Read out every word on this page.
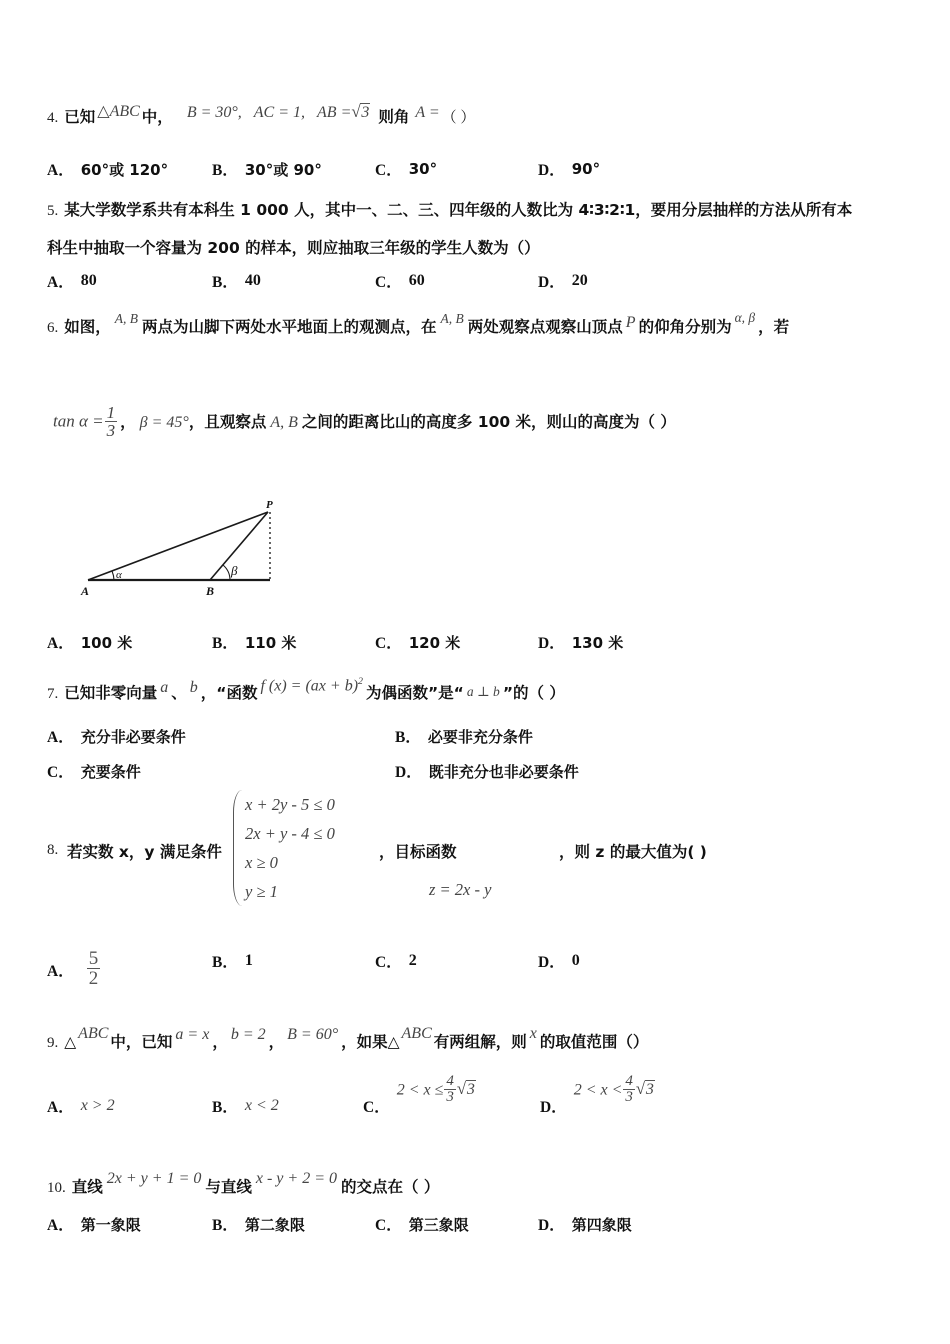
4. 已知 △ABC 中， B = 30°, AC = 1, AB = √ 3 则角 A = （ ）
A． 60°或 120°	B． 30°或 90°	C． 30°	D． 90°
5. 某大学数学系共有本科生 1 000 人，其中一、二、三、四年级的人数比为 4∶3∶2∶1，要用分层抽样的方法从所有本
科生中抽取一个容量为 200 的样本，则应抽取三年级的学生人数为（）
A． 80	B． 40	C． 60	D． 20
6. 如图， A, B 两点为山脚下两处水平地面上的观测点，在 A, B 两处观察点观察山顶点 P 的仰角分别为
α, β
，若
$\tan \alpha = \frac{1}{3}$ ， β = 45° ， 且观察点 A, B 之间的距离比山的高度多 100 米，则山的高度为（ ）
A	B
P
α	β
A． 100 米	B． 110 米	C． 120 米	D． 130 米
7. 已知非零向量 a 、 b ，“函数 f (x) = (ax + b)$^2$
为偶函数”是“ a ⊥ b ”的（ ）
A． 充分非必要条件	B． 必要非充分条件
C． 充要条件	D． 既非充分也非必要条件
8. 若实数 x，y 满足条件
x + 2y - 5 ≤ 0
2x + y - 4 ≤ 0
x ≥ 0
y ≥ 1
，目标函数
z = 2x - y
，则 z 的最大值为( )
A． $\frac{5}{2}$	B． 1	C． 2	D． 0
9. △ ABC 中，已知 a = x ， b = 2 ， B = 60° ，如果△ ABC 有两组解，则 x 的取值范围（）
A． x > 2	B． x < 2	C．
$2 < x \le \frac{4}{3}$ √ 3
D．
$2 < x < \frac{4}{3}$ √ 3
10. 直线 2x + y + 1 = 0 与直线 x - y + 2 = 0 的交点在（ ）
A． 第一象限	B． 第二象限	C． 第三象限	D． 第四象限
